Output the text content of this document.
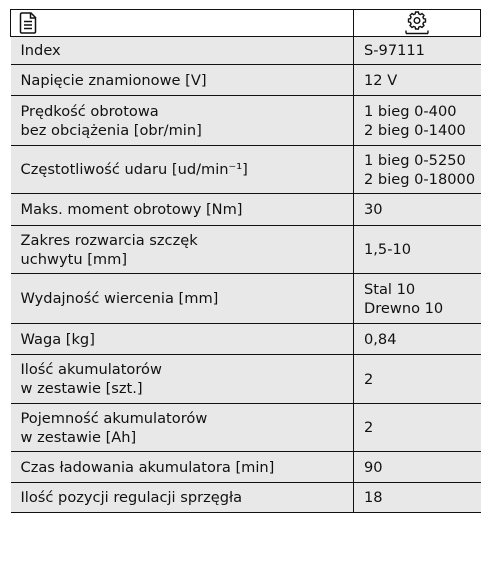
Index	S-97111

Napięcie znamionowe [V]	12 V

Prędkość obrotowa
bez obciążenia [obr/min]	1 bieg 0-400
2 bieg 0-1400

Częstotliwość udaru [ud/min⁻¹]	1 bieg 0-5250
2 bieg 0-18000

Maks. moment obrotowy [Nm]	30

Zakres rozwarcia szczęk
uchwytu [mm]	1,5-10

Wydajność wiercenia [mm]	Stal 10
Drewno 10

Waga [kg]	0,84

Ilość akumulatorów
w zestawie [szt.]	2

Pojemność akumulatorów
w zestawie [Ah]	2

Czas ładowania akumulatora [min]	90

Ilość pozycji regulacji sprzęgła	18
